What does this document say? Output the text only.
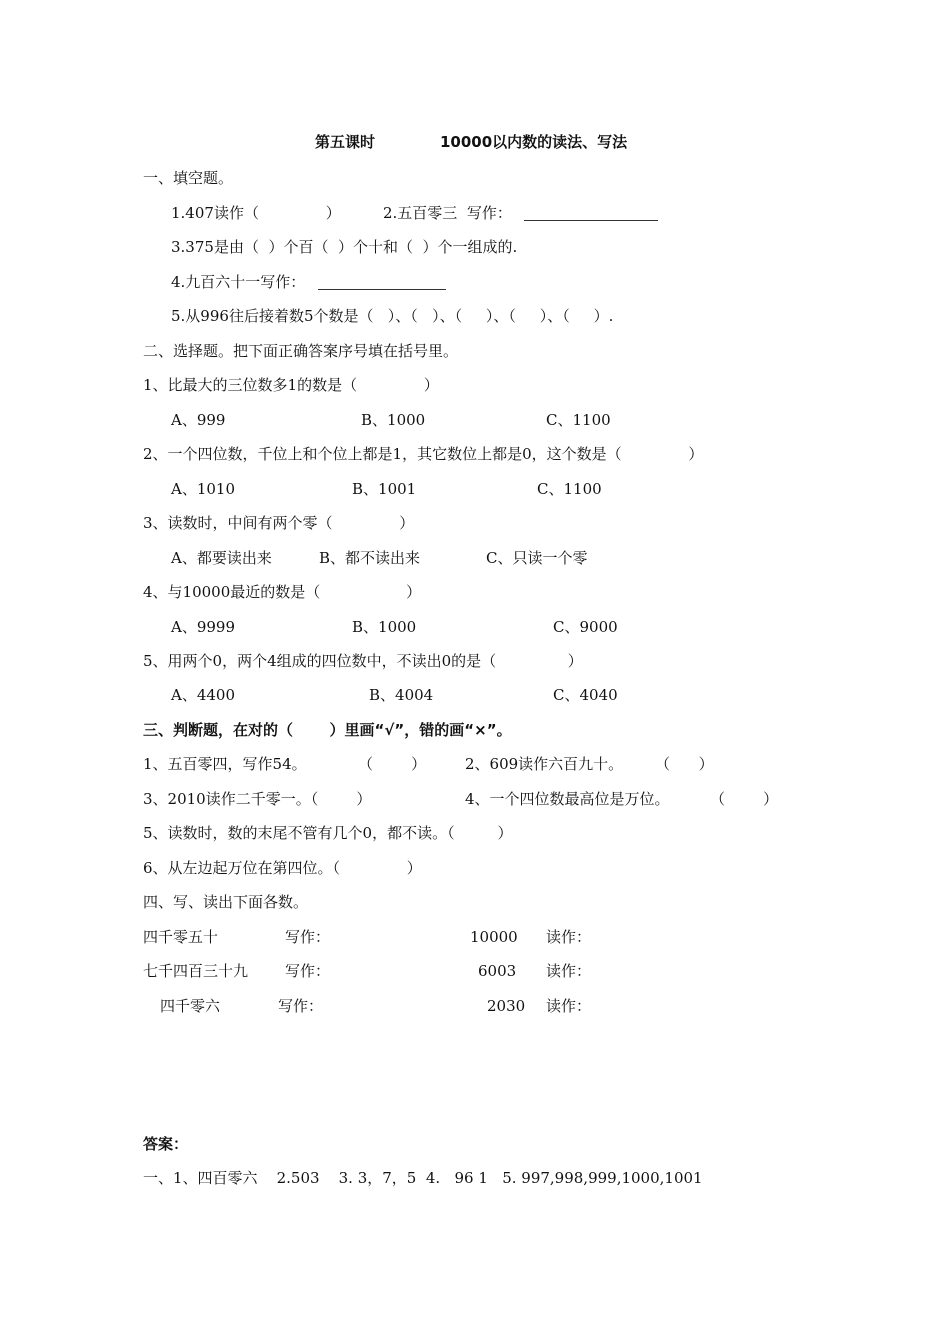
第五课时	10000以内数的读法、写法
一、填空题。
1.407读作（              ）	2.五百零三  写作：
3.375是由（  ）个百（  ）个十和（  ）个一组成的.
4.九百六十一写作：
5.从996往后接着数5个数是（   ）、（   ）、（     ）、（     ）、（     ）.
二、选择题。把下面正确答案序号填在括号里。
1、比最大的三位数多1的数是（              ）
A、999	B、1000	C、1100
2、一个四位数，千位上和个位上都是1，其它数位上都是0，这个数是（              ）
A、1010	B、1001	C、1100
3、读数时，中间有两个零（              ）
A、都要读出来	B、都不读出来	C、只读一个零
4、与10000最近的数是（                  ）
A、9999	B、1000	C、9000
5、用两个0，两个4组成的四位数中，不读出0的是（               ）
A、4400	B、4004	C、4040
三、判断题，在对的（       ）里画“√”，错的画“×”。
1、五百零四，写作54。	（        ）	2、609读作六百九十。 （      ）
3、2010读作二千零一。（        ）	4、一个四位数最高位是万位。	（        ）
5、读数时，数的末尾不管有几个0，都不读。（         ）
6、从左边起万位在第四位。（              ）
四、写、读出下面各数。
四千零五十	写作：	10000 读作：
七千四百三十九 写作：	6003 读作：
四千零六	写作：	2030 读作：
答案：
一、1、四百零六    2.503    3. 3，7，5  4.   96 1   5. 997,998,999,1000,1001
